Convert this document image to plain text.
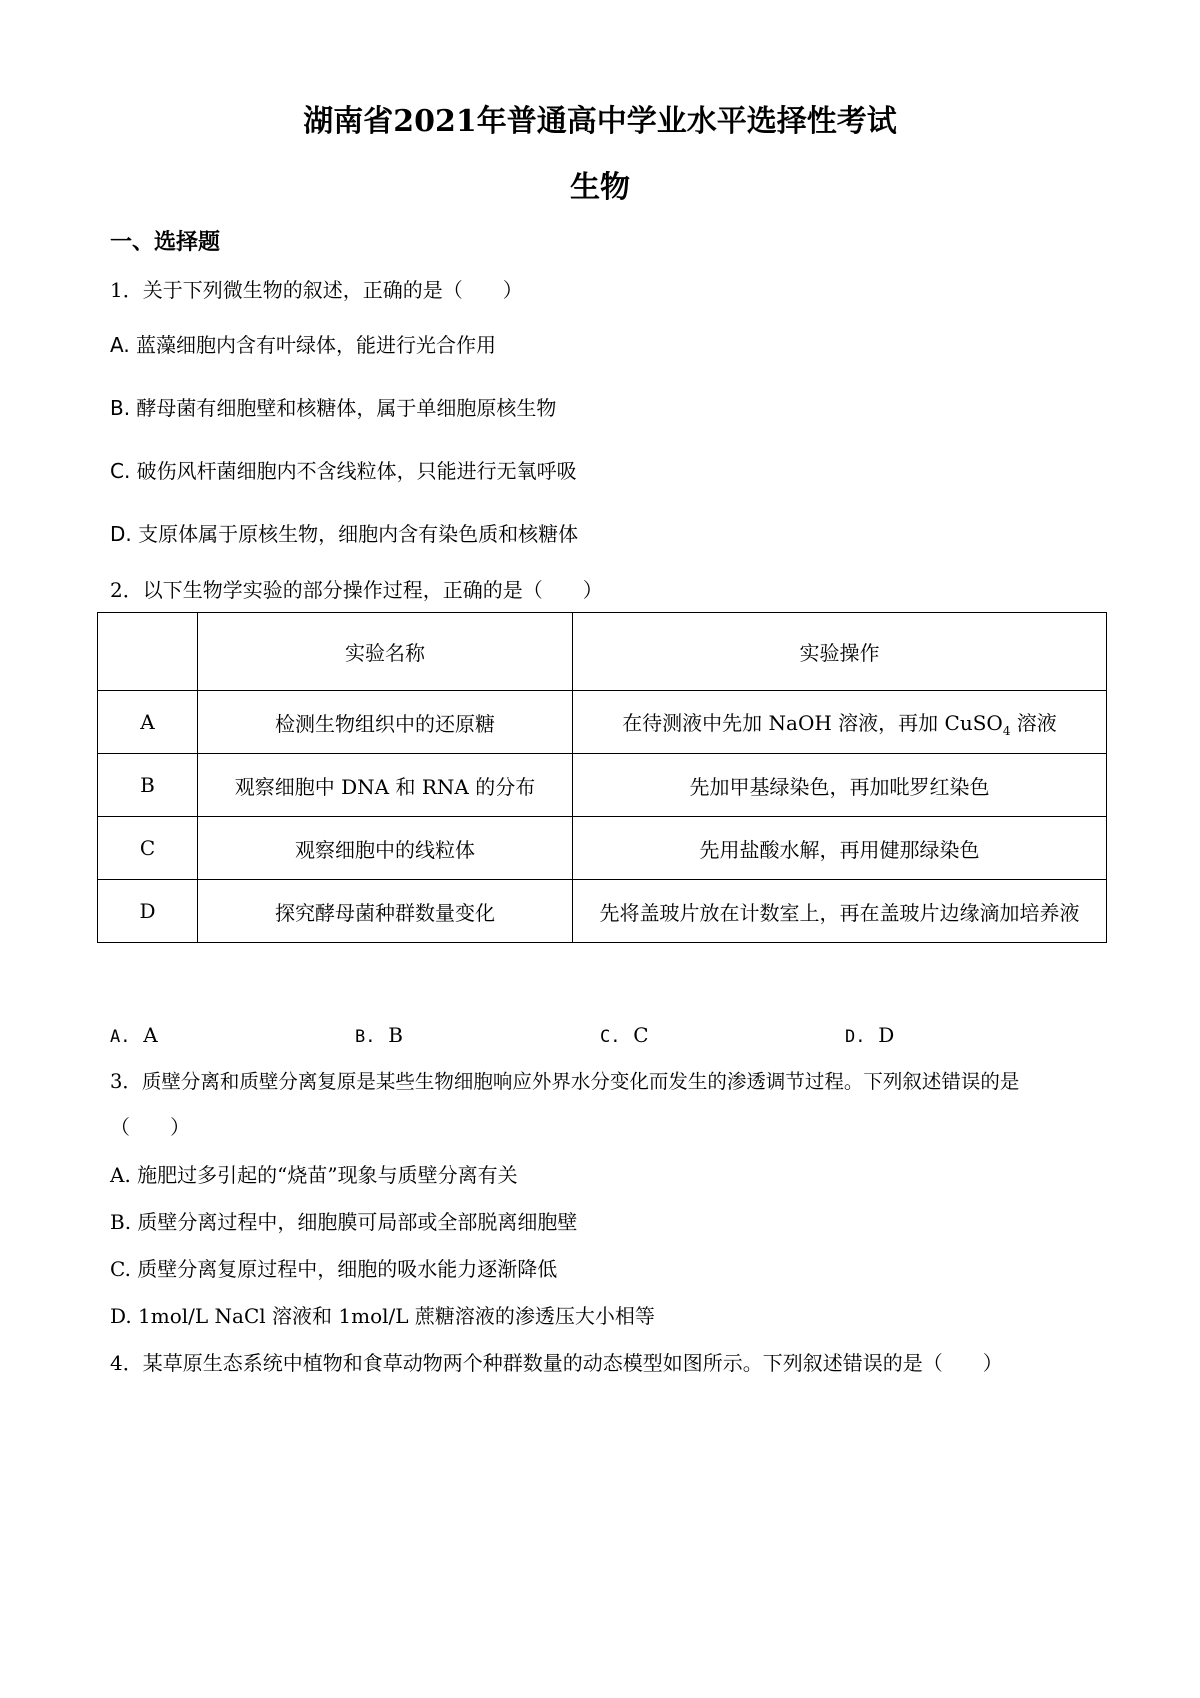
湖南省2021年普通高中学业水平选择性考试
生物
一、选择题
1．关于下列微生物的叙述，正确的是（　　）
A. 蓝藻细胞内含有叶绿体，能进行光合作用
B. 酵母菌有细胞壁和核糖体，属于单细胞原核生物
C. 破伤风杆菌细胞内不含线粒体，只能进行无氧呼吸
D. 支原体属于原核生物，细胞内含有染色质和核糖体
2．以下生物学实验的部分操作过程，正确的是（　　）
	实验名称	实验操作
A	检测生物组织中的还原糖	在待测液中先加 NaOH 溶液，再加 CuSO$_4$ 溶液
B	观察细胞中 DNA 和 RNA 的分布	先加甲基绿染色，再加吡罗红染色
C	观察细胞中的线粒体	先用盐酸水解，再用健那绿染色
D	探究酵母菌种群数量变化	先将盖玻片放在计数室上，再在盖玻片边缘滴加培养液
A. A	B. B	C. C	D. D
3．质壁分离和质壁分离复原是某些生物细胞响应外界水分变化而发生的渗透调节过程。下列叙述错误的是
（　　）
A. 施肥过多引起的“烧苗”现象与质壁分离有关
B. 质壁分离过程中，细胞膜可局部或全部脱离细胞壁
C. 质壁分离复原过程中，细胞的吸水能力逐渐降低
D. 1mol/L NaCl 溶液和 1mol/L 蔗糖溶液的渗透压大小相等
4．某草原生态系统中植物和食草动物两个种群数量的动态模型如图所示。下列叙述错误的是（　　）
